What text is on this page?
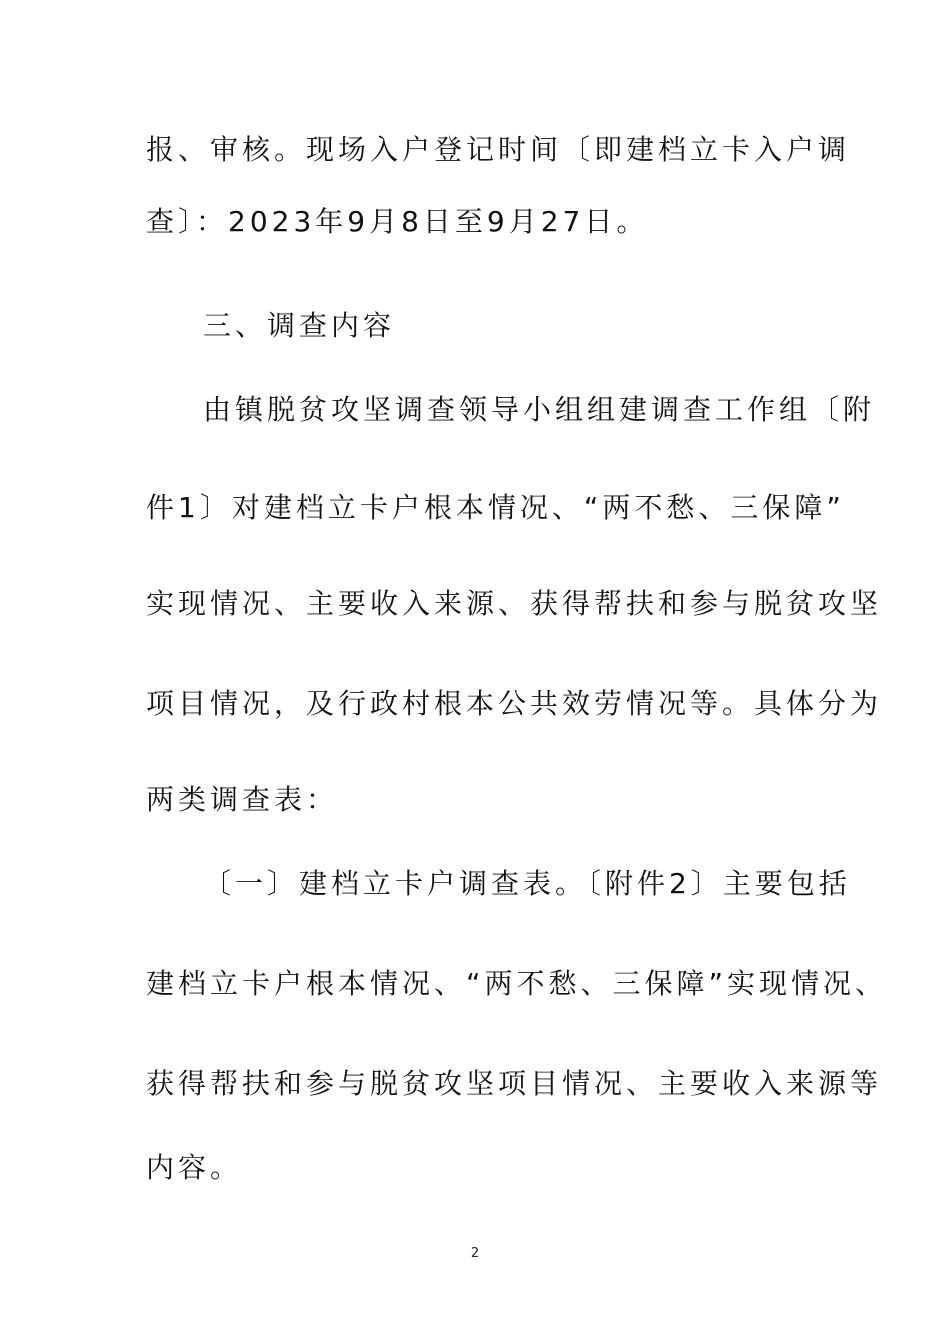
报、审核。现场入户登记时间〔即建档立卡入户调
查〕：2023年9月8日至9月27日。
三、调查内容
由镇脱贫攻坚调查领导小组组建调查工作组〔附
件1〕对建档立卡户根本情况、“两不愁、三保障”
实现情况、主要收入来源、获得帮扶和参与脱贫攻坚
项目情况，及行政村根本公共效劳情况等。具体分为
两类调查表：
〔一〕建档立卡户调查表。〔附件2〕主要包括
建档立卡户根本情况、“两不愁、三保障”实现情况、
获得帮扶和参与脱贫攻坚项目情况、主要收入来源等
内容。
2
